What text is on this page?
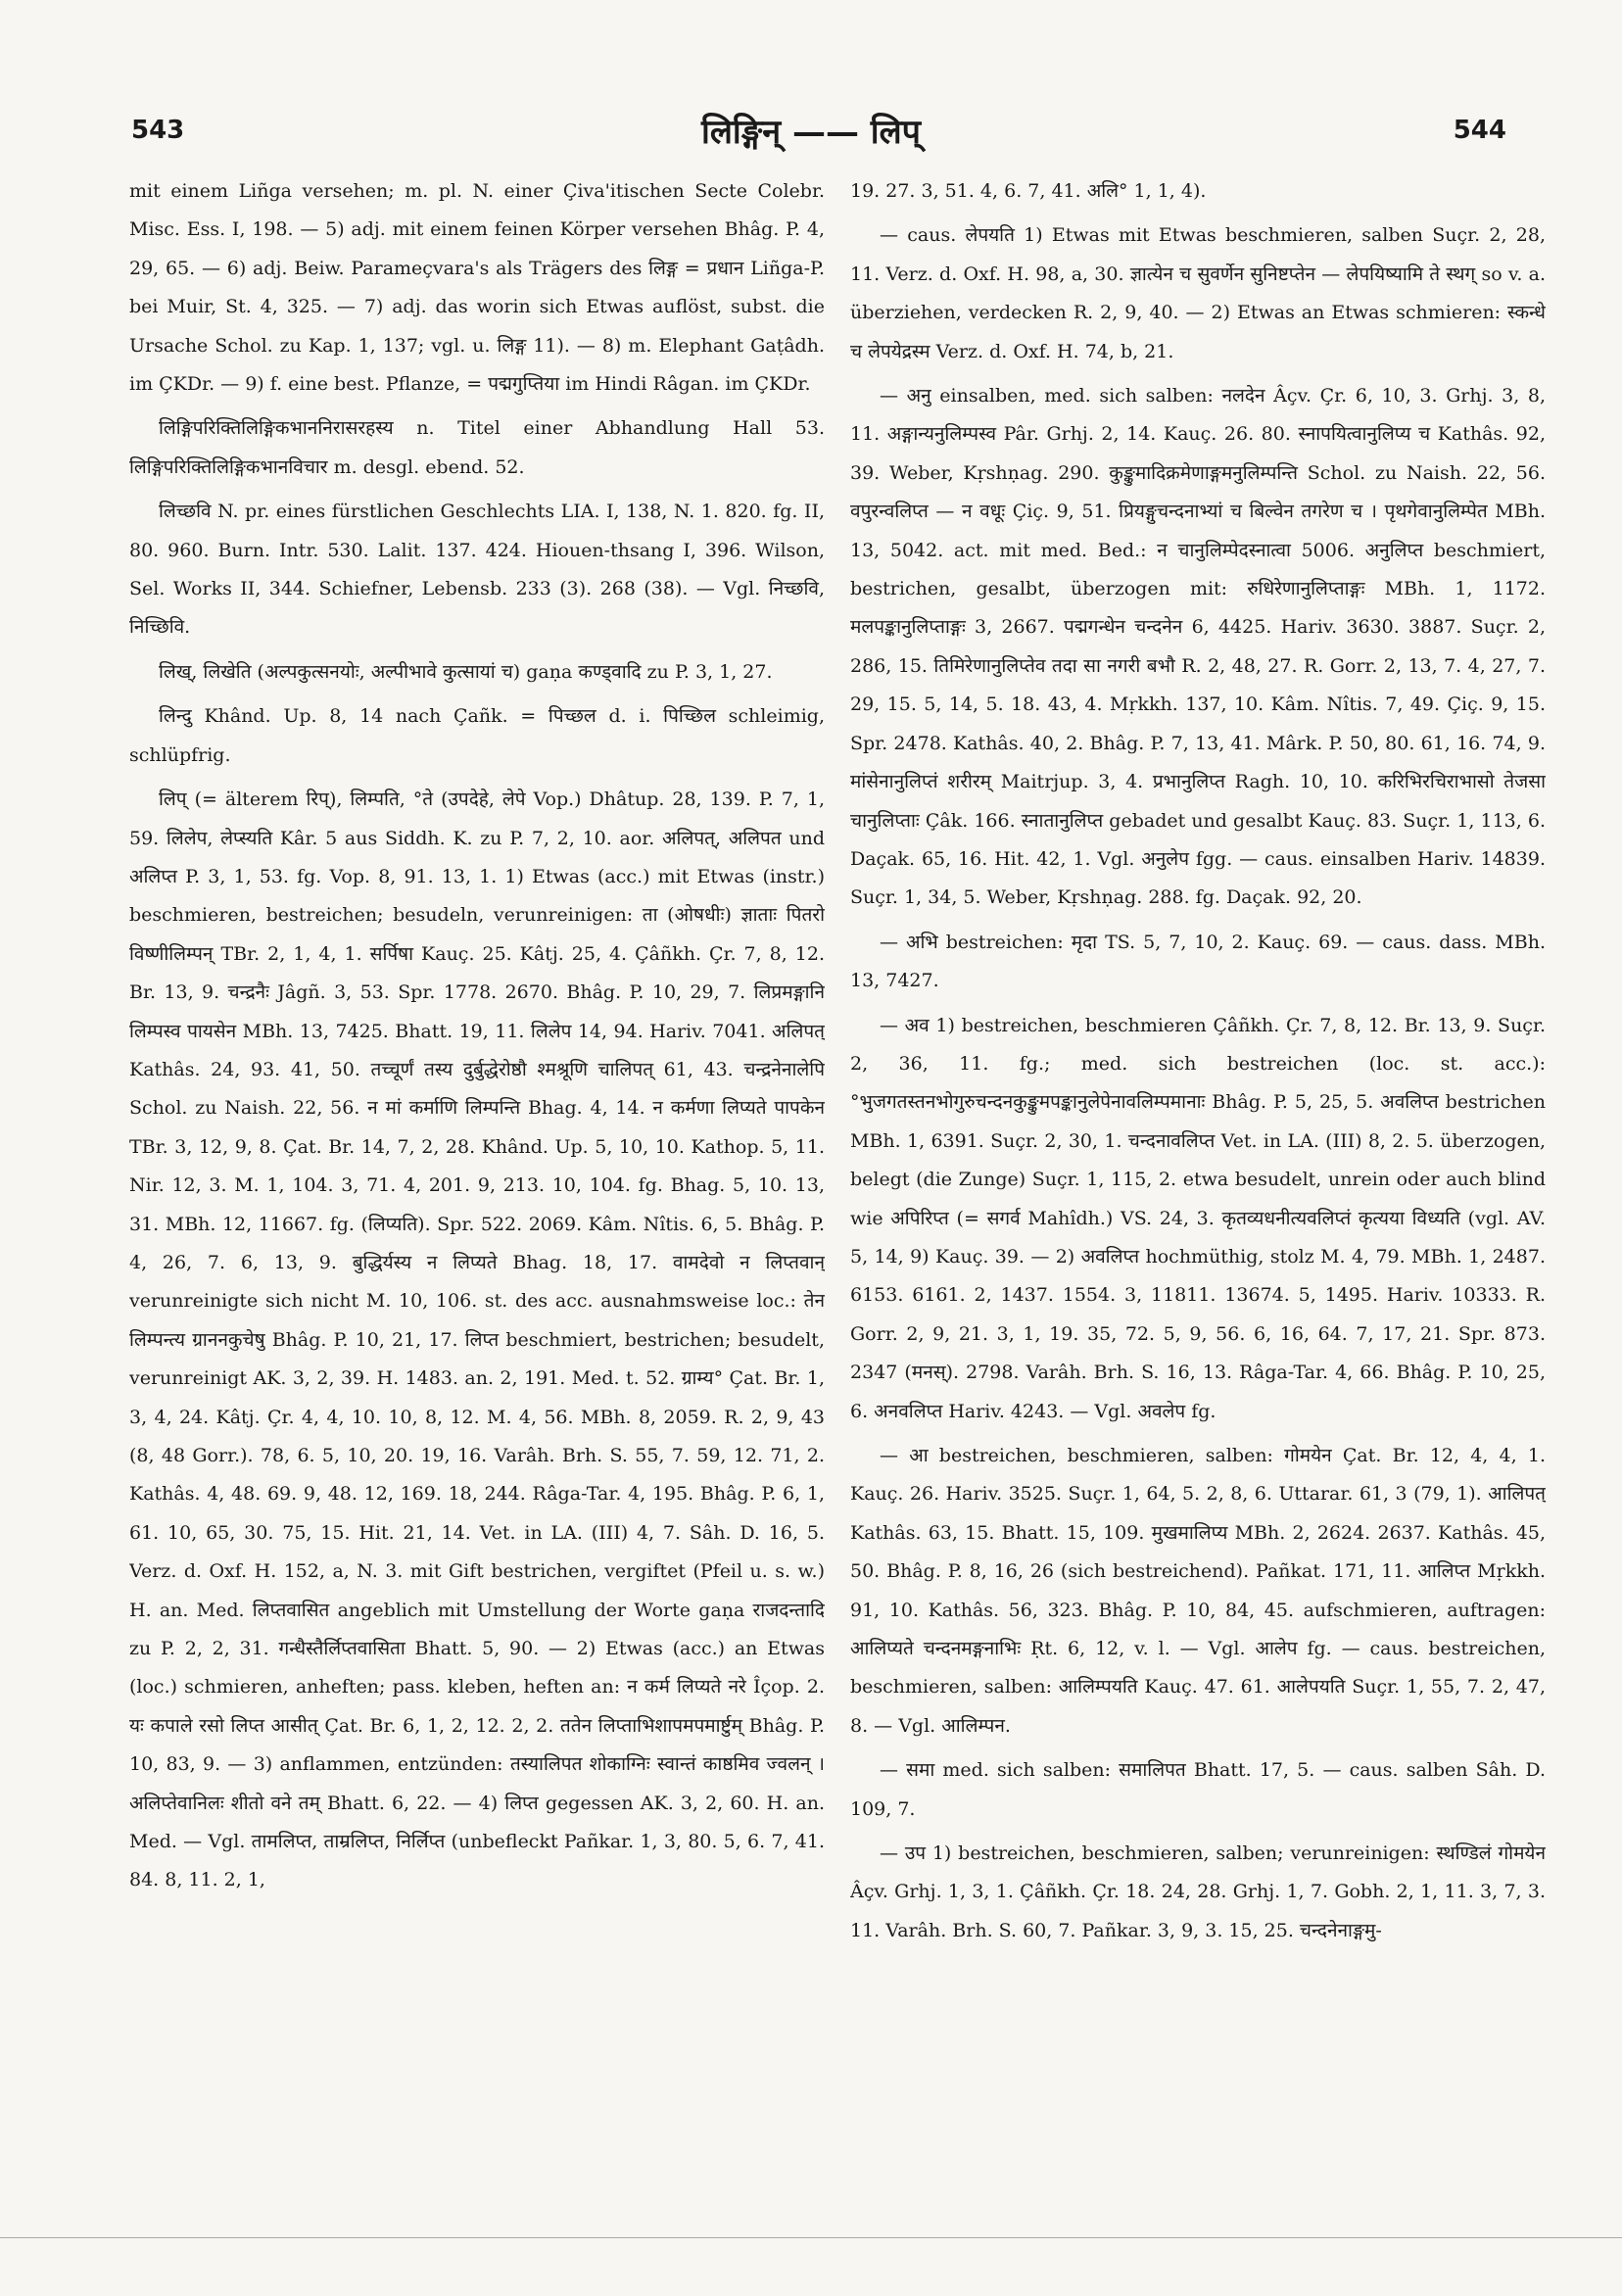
543	लिङ्गिन् —— लिप्	544

mit einem Liñga versehen; m. pl. N. einer Çiva'itischen Secte Colebr. Misc. Ess. I, 198. — 5) adj. mit einem feinen Körper versehen Bhâg. P. 4, 29, 65. — 6) adj. Beiw. Parameçvara's als Trägers des लिङ्ग = प्रधान Liñga-P. bei Muir, St. 4, 325. — 7) adj. das worin sich Etwas auflöst, subst. die Ursache Schol. zu Kap. 1, 137; vgl. u. लिङ्ग 11). — 8) m. Elephant Gaṭâdh. im ÇKDr. — 9) f. eine best. Pflanze, = पद्मगुप्तिया im Hindi Râgan. im ÇKDr.

लिङ्गिपरिक्तिलिङ्गिकभाननिरासरहस्य n. Titel einer Abhandlung Hall 53. लिङ्गिपरिक्तिलिङ्गिकभानविचार m. desgl. ebend. 52.

लिच्छवि N. pr. eines fürstlichen Geschlechts LIA. I, 138, N. 1. 820. fg. II, 80. 960. Burn. Intr. 530. Lalit. 137. 424. Hiouen-thsang I, 396. Wilson, Sel. Works II, 344. Schiefner, Lebensb. 233 (3). 268 (38). — Vgl. निच्छवि, निच्छिवि.

लिख्, लिखेति (अल्पकुत्सनयोः, अल्पीभावे कुत्सायां च) gaṇa कण्ड्वादि zu P. 3, 1, 27.

लिन्दु Khând. Up. 8, 14 nach Çañk. = पिच्छल d. i. पिच्छिल schleimig, schlüpfrig.

लिप् (= älterem रिप्), लिम्पति, °ते (उपदेहे, लेपे Vop.) Dhâtup. 28, 139. P. 7, 1, 59. लिलेप, लेप्स्यति Kâr. 5 aus Siddh. K. zu P. 7, 2, 10. aor. अलिपत्, अलिपत und अलिप्त P. 3, 1, 53. fg. Vop. 8, 91. 13, 1. 1) Etwas (acc.) mit Etwas (instr.) beschmieren, bestreichen; besudeln, verunreinigen: ता (ओषधीः) ज्ञाताः पितरो विष्णीलिम्पन् TBr. 2, 1, 4, 1. सर्पिषा Kauç. 25. Kâtj. 25, 4. Çâñkh. Çr. 7, 8, 12. Br. 13, 9. चन्द्रनैः Jâgñ. 3, 53. Spr. 1778. 2670. Bhâg. P. 10, 29, 7. लिप्रमङ्गानि लिम्पस्व पायसेन MBh. 13, 7425. Bhatt. 19, 11. लिलेप 14, 94. Hariv. 7041. अलिपत् Kathâs. 24, 93. 41, 50. तच्चूर्णं तस्य दुर्बुद्धेरोष्ठौ श्मश्रूणि चालिपत् 61, 43. चन्द्रनेनालेपि Schol. zu Naish. 22, 56. न मां कर्माणि लिम्पन्ति Bhag. 4, 14. न कर्मणा लिप्यते पापकेन TBr. 3, 12, 9, 8. Çat. Br. 14, 7, 2, 28. Khând. Up. 5, 10, 10. Kathop. 5, 11. Nir. 12, 3. M. 1, 104. 3, 71. 4, 201. 9, 213. 10, 104. fg. Bhag. 5, 10. 13, 31. MBh. 12, 11667. fg. (लिप्यति). Spr. 522. 2069. Kâm. Nîtis. 6, 5. Bhâg. P. 4, 26, 7. 6, 13, 9. बुद्धिर्यस्य न लिप्यते Bhag. 18, 17. वामदेवो न लिप्तवान् verunreinigte sich nicht M. 10, 106. st. des acc. ausnahmsweise loc.: तेन लिम्पन्त्य ग्राननकुचेषु Bhâg. P. 10, 21, 17. लिप्त beschmiert, bestrichen; besudelt, verunreinigt AK. 3, 2, 39. H. 1483. an. 2, 191. Med. t. 52. ग्राम्य° Çat. Br. 1, 3, 4, 24. Kâtj. Çr. 4, 4, 10. 10, 8, 12. M. 4, 56. MBh. 8, 2059. R. 2, 9, 43 (8, 48 Gorr.). 78, 6. 5, 10, 20. 19, 16. Varâh. Brh. S. 55, 7. 59, 12. 71, 2. Kathâs. 4, 48. 69. 9, 48. 12, 169. 18, 244. Râga-Tar. 4, 195. Bhâg. P. 6, 1, 61. 10, 65, 30. 75, 15. Hit. 21, 14. Vet. in LA. (III) 4, 7. Sâh. D. 16, 5. Verz. d. Oxf. H. 152, a, N. 3. mit Gift bestrichen, vergiftet (Pfeil u. s. w.) H. an. Med. लिप्तवासित angeblich mit Umstellung der Worte gaṇa राजदन्तादि zu P. 2, 2, 31. गन्धैस्तैर्लिप्तवासिता Bhatt. 5, 90. — 2) Etwas (acc.) an Etwas (loc.) schmieren, anheften; pass. kleben, heften an: न कर्म लिप्यते नरे Îçop. 2. यः कपाले रसो लिप्त आसीत् Çat. Br. 6, 1, 2, 12. 2, 2. ततेन लिप्ताभिशापमपमार्ष्टुम् Bhâg. P. 10, 83, 9. — 3) anflammen, entzünden: तस्यालिपत शोकाग्निः स्वान्तं काष्ठमिव ज्वलन् । अलिप्तेवानिलः शीतो वने तम् Bhatt. 6, 22. — 4) लिप्त gegessen AK. 3, 2, 60. H. an. Med. — Vgl. तामलिप्त, ताम्रलिप्त, निर्लिप्त (unbefleckt Pañkar. 1, 3, 80. 5, 6. 7, 41. 84. 8, 11. 2, 1,

19. 27. 3, 51. 4, 6. 7, 41. अलि° 1, 1, 4).

— caus. लेपयति 1) Etwas mit Etwas beschmieren, salben Suçr. 2, 28, 11. Verz. d. Oxf. H. 98, a, 30. ज्ञात्येन च सुवर्णेन सुनिष्टप्तेन — लेपयिष्यामि ते स्थग् so v. a. überziehen, verdecken R. 2, 9, 40. — 2) Etwas an Etwas schmieren: स्कन्धे च लेपयेद्रस्म Verz. d. Oxf. H. 74, b, 21.

— अनु einsalben, med. sich salben: नलदेन Âçv. Çr. 6, 10, 3. Grhj. 3, 8, 11. अङ्गान्यनुलिम्पस्व Pâr. Grhj. 2, 14. Kauç. 26. 80. स्नापयित्वानुलिप्य च Kathâs. 92, 39. Weber, Kṛshṇag. 290. कुङ्कुमादिक्रमेणाङ्गमनुलिम्पन्ति Schol. zu Naish. 22, 56. वपुरन्वलिप्त — न वधूः Çiç. 9, 51. प्रियङ्गुचन्दनाभ्यां च बिल्वेन तगरेण च । पृथगेवानुलिम्पेत MBh. 13, 5042. act. mit med. Bed.: न चानुलिम्पेदस्नात्वा 5006. अनुलिप्त beschmiert, bestrichen, gesalbt, überzogen mit: रुधिरेणानुलिप्ताङ्गः MBh. 1, 1172. मलपङ्कानुलिप्ताङ्गः 3, 2667. पद्मगन्धेन चन्दनेन 6, 4425. Hariv. 3630. 3887. Suçr. 2, 286, 15. तिमिरेणानुलिप्तेव तदा सा नगरी बभौ R. 2, 48, 27. R. Gorr. 2, 13, 7. 4, 27, 7. 29, 15. 5, 14, 5. 18. 43, 4. Mṛkkh. 137, 10. Kâm. Nîtis. 7, 49. Çiç. 9, 15. Spr. 2478. Kathâs. 40, 2. Bhâg. P. 7, 13, 41. Mârk. P. 50, 80. 61, 16. 74, 9. मांसेनानुलिप्तं शरीरम् Maitrjup. 3, 4. प्रभानुलिप्त Ragh. 10, 10. करिभिरचिराभासो तेजसा चानुलिप्ताः Çâk. 166. स्नातानुलिप्त gebadet und gesalbt Kauç. 83. Suçr. 1, 113, 6. Daçak. 65, 16. Hit. 42, 1. Vgl. अनुलेप fgg. — caus. einsalben Hariv. 14839. Suçr. 1, 34, 5. Weber, Kṛshṇag. 288. fg. Daçak. 92, 20.

— अभि bestreichen: मृदा TS. 5, 7, 10, 2. Kauç. 69. — caus. dass. MBh. 13, 7427.

— अव 1) bestreichen, beschmieren Çâñkh. Çr. 7, 8, 12. Br. 13, 9. Suçr. 2, 36, 11. fg.; med. sich bestreichen (loc. st. acc.): °भुजगतस्तनभोगुरुचन्दनकुङ्कुमपङ्कानुलेपेनावलिम्पमानाः Bhâg. P. 5, 25, 5. अवलिप्त bestrichen MBh. 1, 6391. Suçr. 2, 30, 1. चन्दनावलिप्त Vet. in LA. (III) 8, 2. 5. überzogen, belegt (die Zunge) Suçr. 1, 115, 2. etwa besudelt, unrein oder auch blind wie अपिरिप्त (= सगर्व Mahîdh.) VS. 24, 3. कृतव्यधनीत्यवलिप्तं कृत्यया विध्यति (vgl. AV. 5, 14, 9) Kauç. 39. — 2) अवलिप्त hochmüthig, stolz M. 4, 79. MBh. 1, 2487. 6153. 6161. 2, 1437. 1554. 3, 11811. 13674. 5, 1495. Hariv. 10333. R. Gorr. 2, 9, 21. 3, 1, 19. 35, 72. 5, 9, 56. 6, 16, 64. 7, 17, 21. Spr. 873. 2347 (मनस्). 2798. Varâh. Brh. S. 16, 13. Râga-Tar. 4, 66. Bhâg. P. 10, 25, 6. अनवलिप्त Hariv. 4243. — Vgl. अवलेप fg.

— आ bestreichen, beschmieren, salben: गोमयेन Çat. Br. 12, 4, 4, 1. Kauç. 26. Hariv. 3525. Suçr. 1, 64, 5. 2, 8, 6. Uttarar. 61, 3 (79, 1). आलिपत् Kathâs. 63, 15. Bhatt. 15, 109. मुखमालिप्य MBh. 2, 2624. 2637. Kathâs. 45, 50. Bhâg. P. 8, 16, 26 (sich bestreichend). Pañkat. 171, 11. आलिप्त Mṛkkh. 91, 10. Kathâs. 56, 323. Bhâg. P. 10, 84, 45. aufschmieren, auftragen: आलिप्यते चन्दनमङ्गनाभिः Ṛt. 6, 12, v. l. — Vgl. आलेप fg. — caus. bestreichen, beschmieren, salben: आलिम्पयति Kauç. 47. 61. आलेपयति Suçr. 1, 55, 7. 2, 47, 8. — Vgl. आलिम्पन.

— समा med. sich salben: समालिपत Bhatt. 17, 5. — caus. salben Sâh. D. 109, 7.

— उप 1) bestreichen, beschmieren, salben; verunreinigen: स्थण्डिलं गोमयेन Âçv. Grhj. 1, 3, 1. Çâñkh. Çr. 18. 24, 28. Grhj. 1, 7. Gobh. 2, 1, 11. 3, 7, 3. 11. Varâh. Brh. S. 60, 7. Pañkar. 3, 9, 3. 15, 25. चन्दनेनाङ्गमु-
